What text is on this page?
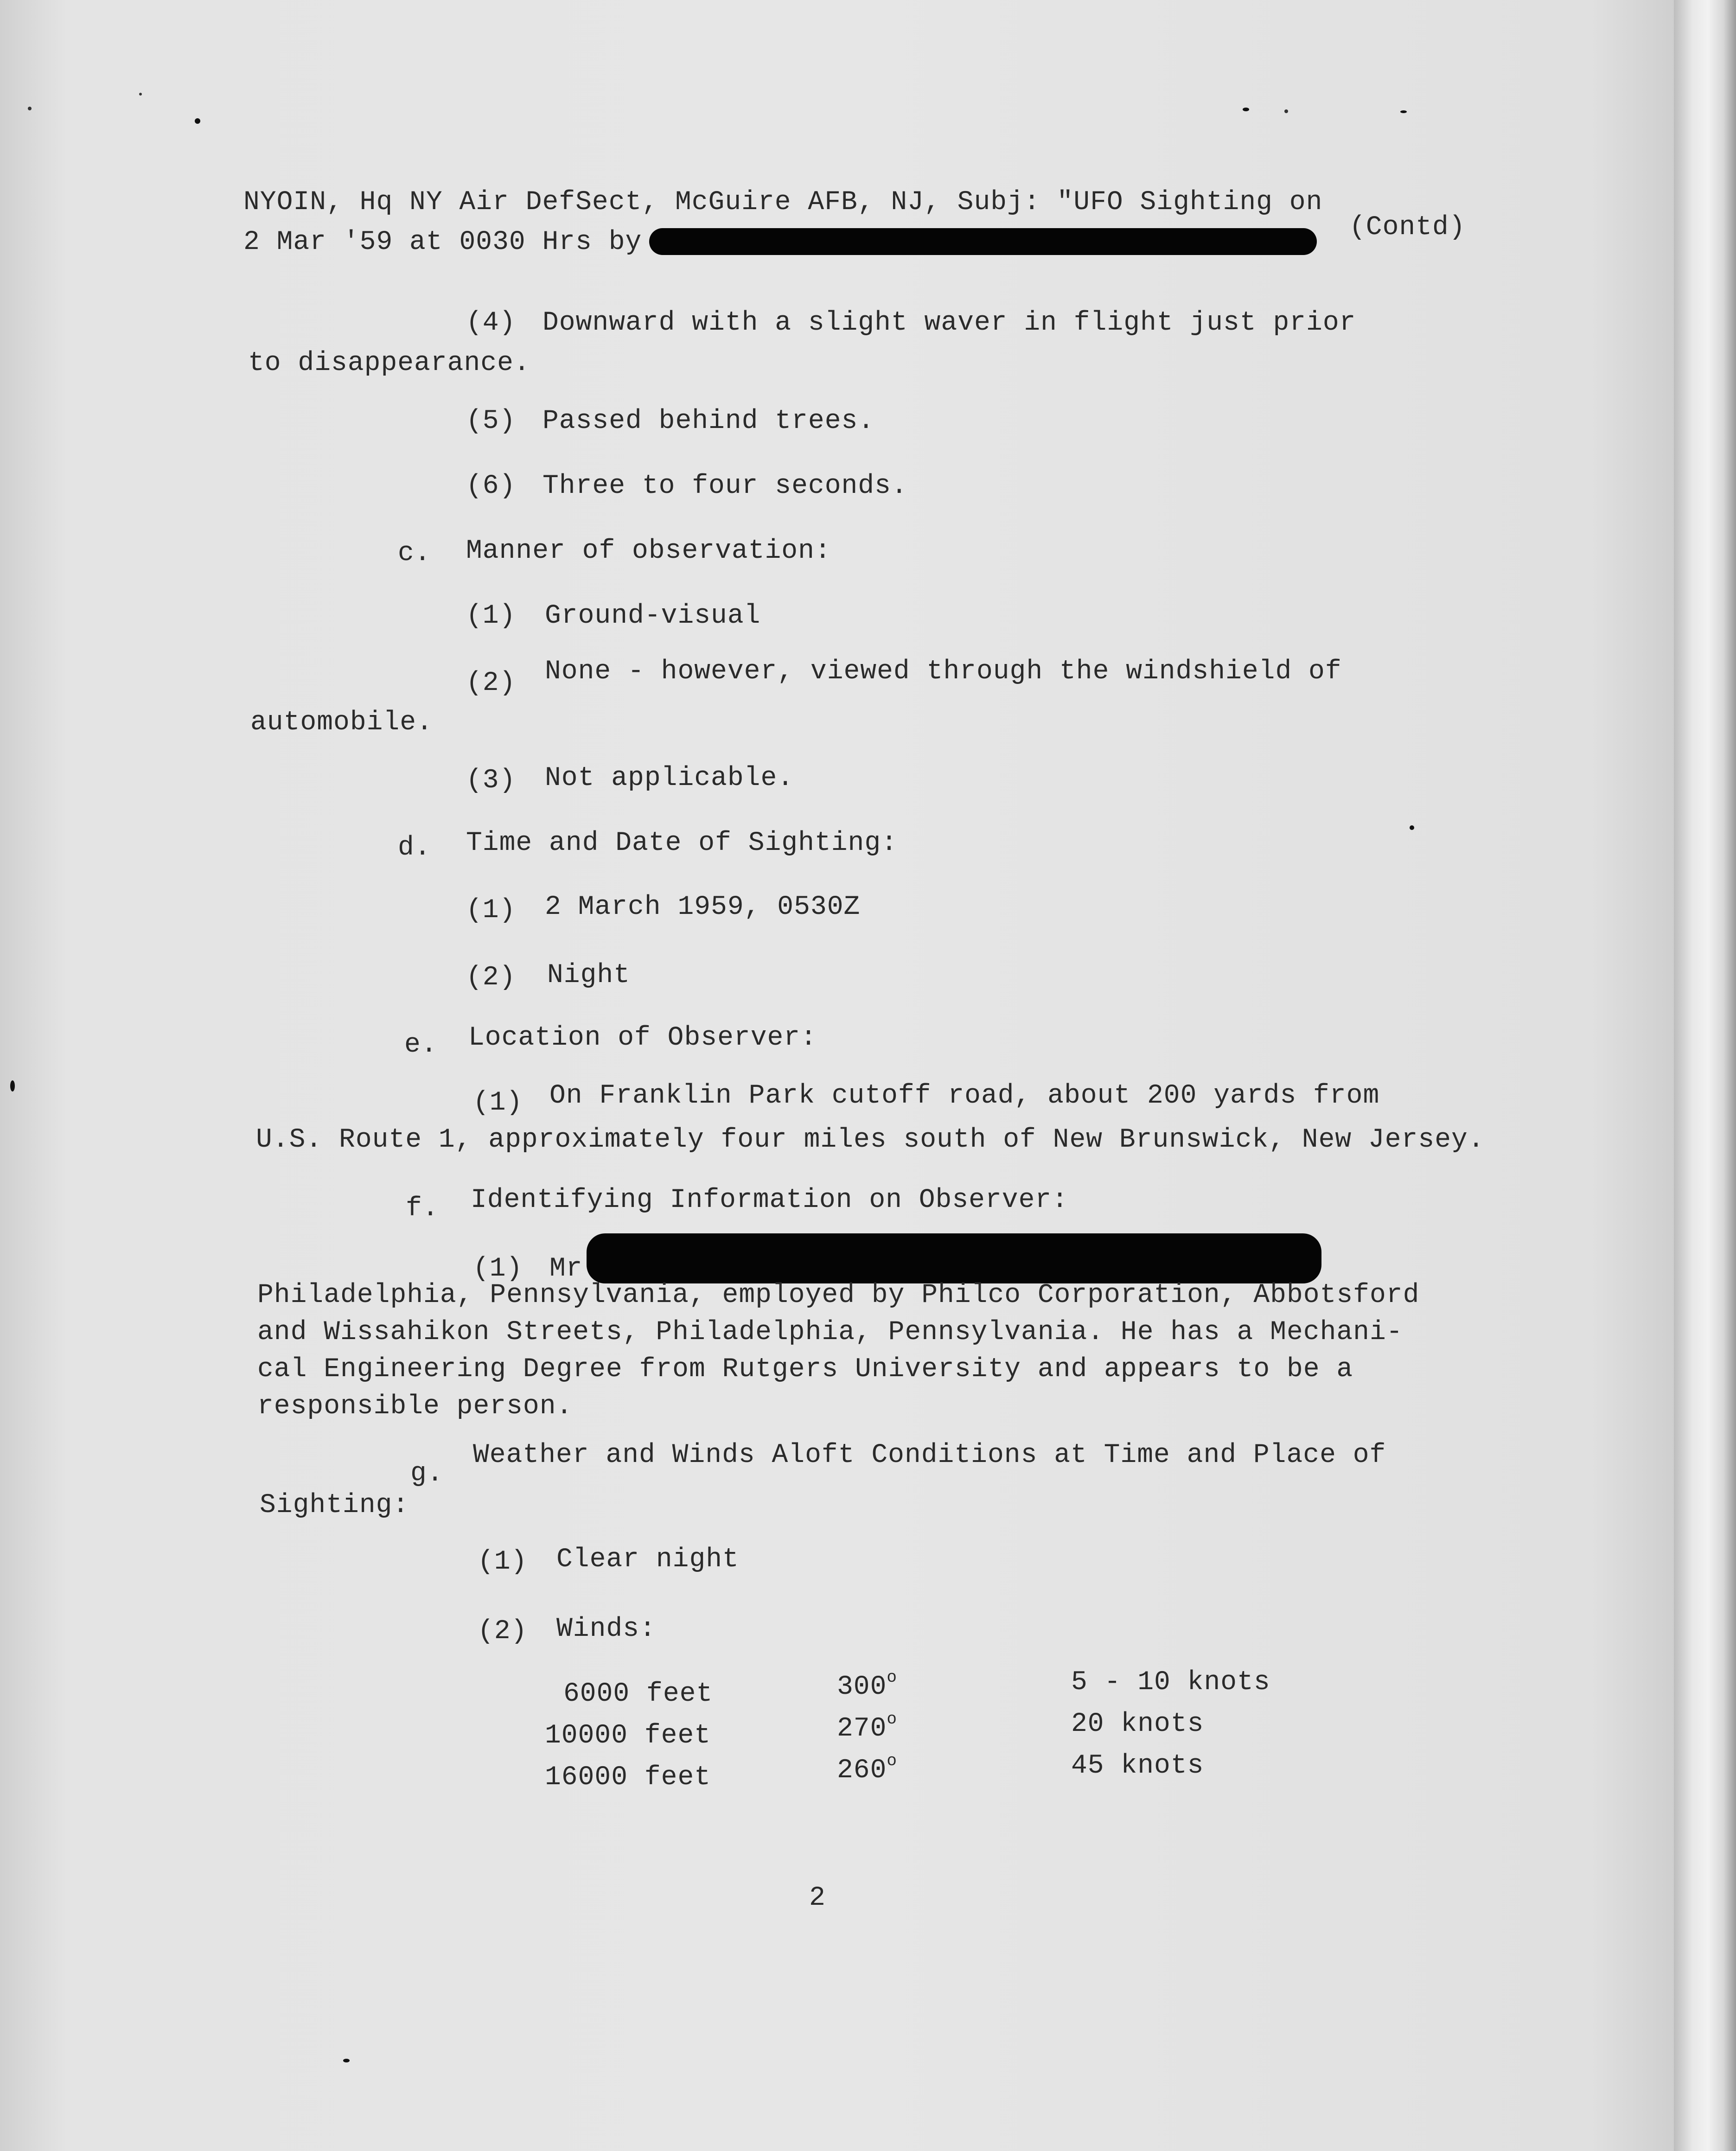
NYOIN, Hq NY Air DefSect, McGuire AFB, NJ, Subj: "UFO Sighting on
2 Mar '59 at 0030 Hrs by	(Contd)
(4) Downward with a slight waver in flight just prior
to disappearance.
(5) Passed behind trees.
(6) Three to four seconds.
c. Manner of observation:
(1) Ground-visual
(2) None - however, viewed through the windshield of
automobile.
(3) Not applicable.
d. Time and Date of Sighting:
(1) 2 March 1959, 0530Z
(2) Night
e. Location of Observer:
(1) On Franklin Park cutoff road, about 200 yards from
U.S. Route 1, approximately four miles south of New Brunswick, New Jersey.
f. Identifying Information on Observer:
(1) Mr
Philadelphia, Pennsylvania, employed by Philco Corporation, Abbotsford
and Wissahikon Streets, Philadelphia, Pennsylvania. He has a Mechani-
cal Engineering Degree from Rutgers University and appears to be a
responsible person.
g.
Weather and Winds Aloft Conditions at Time and Place of
Sighting:
(1) Clear night
(2) Winds:
6000 feet	300$^o$	5 - 10 knots
10000 feet	270$^o$	20 knots
16000 feet	260$^o$	45 knots
2
